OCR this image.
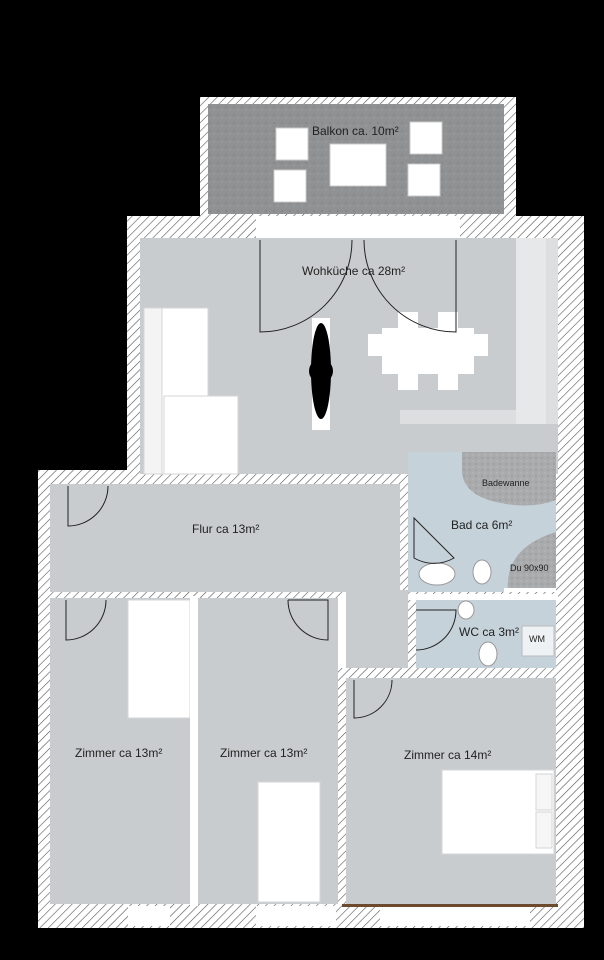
Balkon ca. 10m²
Wohküche ca 28m²
Flur ca 13m²	Bad ca 6m²
Badewanne
Du 90x90
WC ca 3m² WM
Zimmer ca 13m²	Zimmer ca 13m²	Zimmer ca 14m²
